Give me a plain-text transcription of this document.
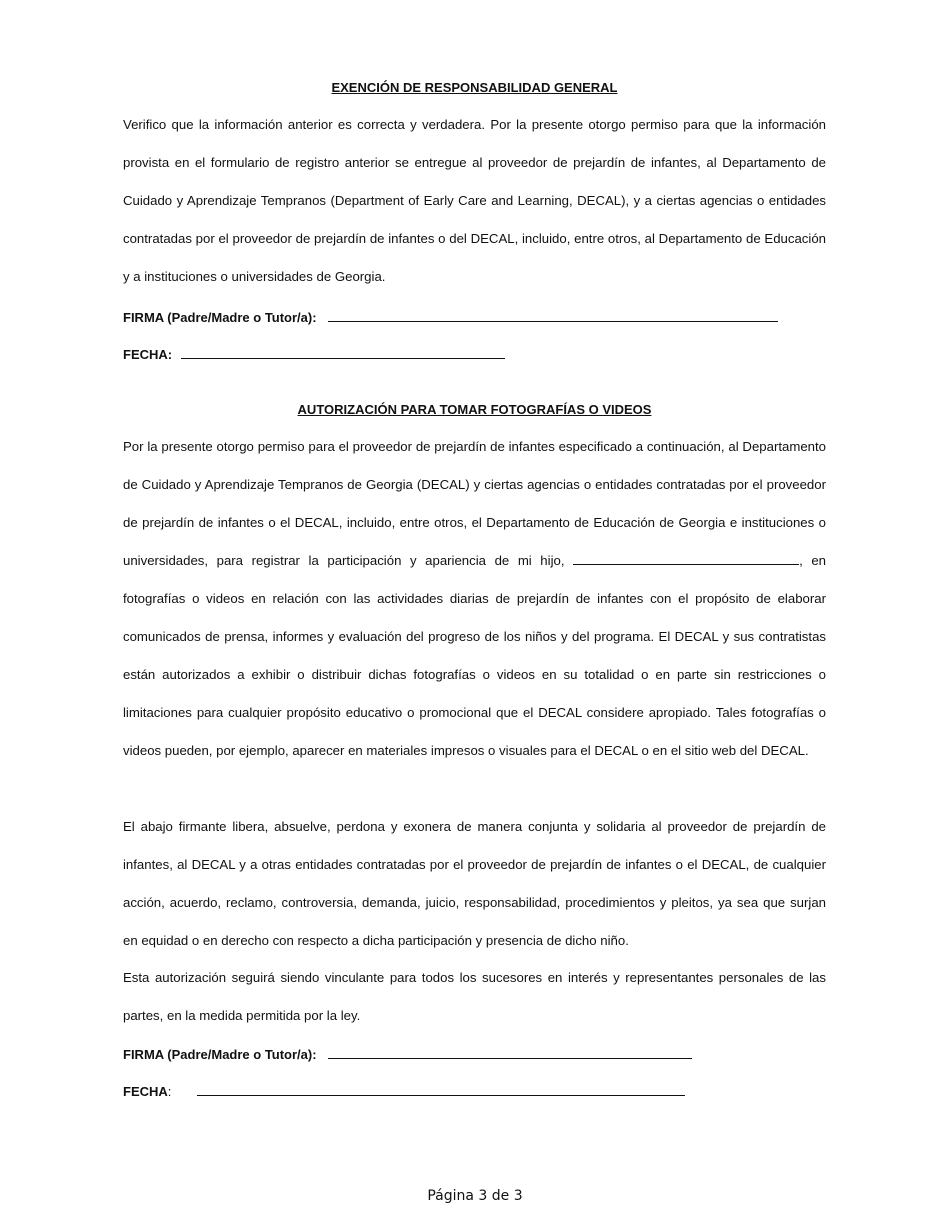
EXENCIÓN DE RESPONSABILIDAD GENERAL

Verifico que la información anterior es correcta y verdadera. Por la presente otorgo permiso para que la información provista en el formulario de registro anterior se entregue al proveedor de prejardín de infantes, al Departamento de Cuidado y Aprendizaje Tempranos (Department of Early Care and Learning, DECAL), y a ciertas agencias o entidades contratadas por el proveedor de prejardín de infantes o del DECAL, incluido, entre otros, al Departamento de Educación y a instituciones o universidades de Georgia.

FIRMA (Padre/Madre o Tutor/a):
FECHA:
AUTORIZACIÓN PARA TOMAR FOTOGRAFÍAS O VIDEOS

Por la presente otorgo permiso para el proveedor de prejardín de infantes especificado a continuación, al Departamento de Cuidado y Aprendizaje Tempranos de Georgia (DECAL) y ciertas agencias o entidades contratadas por el proveedor de prejardín de infantes o el DECAL, incluido, entre otros, el Departamento de Educación de Georgia e instituciones o universidades, para registrar la participación y apariencia de mi hijo,	, en fotografías o videos en relación con las actividades diarias de prejardín de infantes con el propósito de elaborar comunicados de prensa, informes y evaluación del progreso de los niños y del programa. El DECAL y sus contratistas están autorizados a exhibir o distribuir dichas fotografías o videos en su totalidad o en parte sin restricciones o limitaciones para cualquier propósito educativo o promocional que el DECAL considere apropiado. Tales fotografías o videos pueden, por ejemplo, aparecer en materiales impresos o visuales para el DECAL o en el sitio web del DECAL.

El abajo firmante libera, absuelve, perdona y exonera de manera conjunta y solidaria al proveedor de prejardín de infantes, al DECAL y a otras entidades contratadas por el proveedor de prejardín de infantes o el DECAL, de cualquier acción, acuerdo, reclamo, controversia, demanda, juicio, responsabilidad, procedimientos y pleitos, ya sea que surjan en equidad o en derecho con respecto a dicha participación y presencia de dicho niño.

Esta autorización seguirá siendo vinculante para todos los sucesores en interés y representantes personales de las partes, en la medida permitida por la ley.

FIRMA (Padre/Madre o Tutor/a):
FECHA:
Página 3 de 3
